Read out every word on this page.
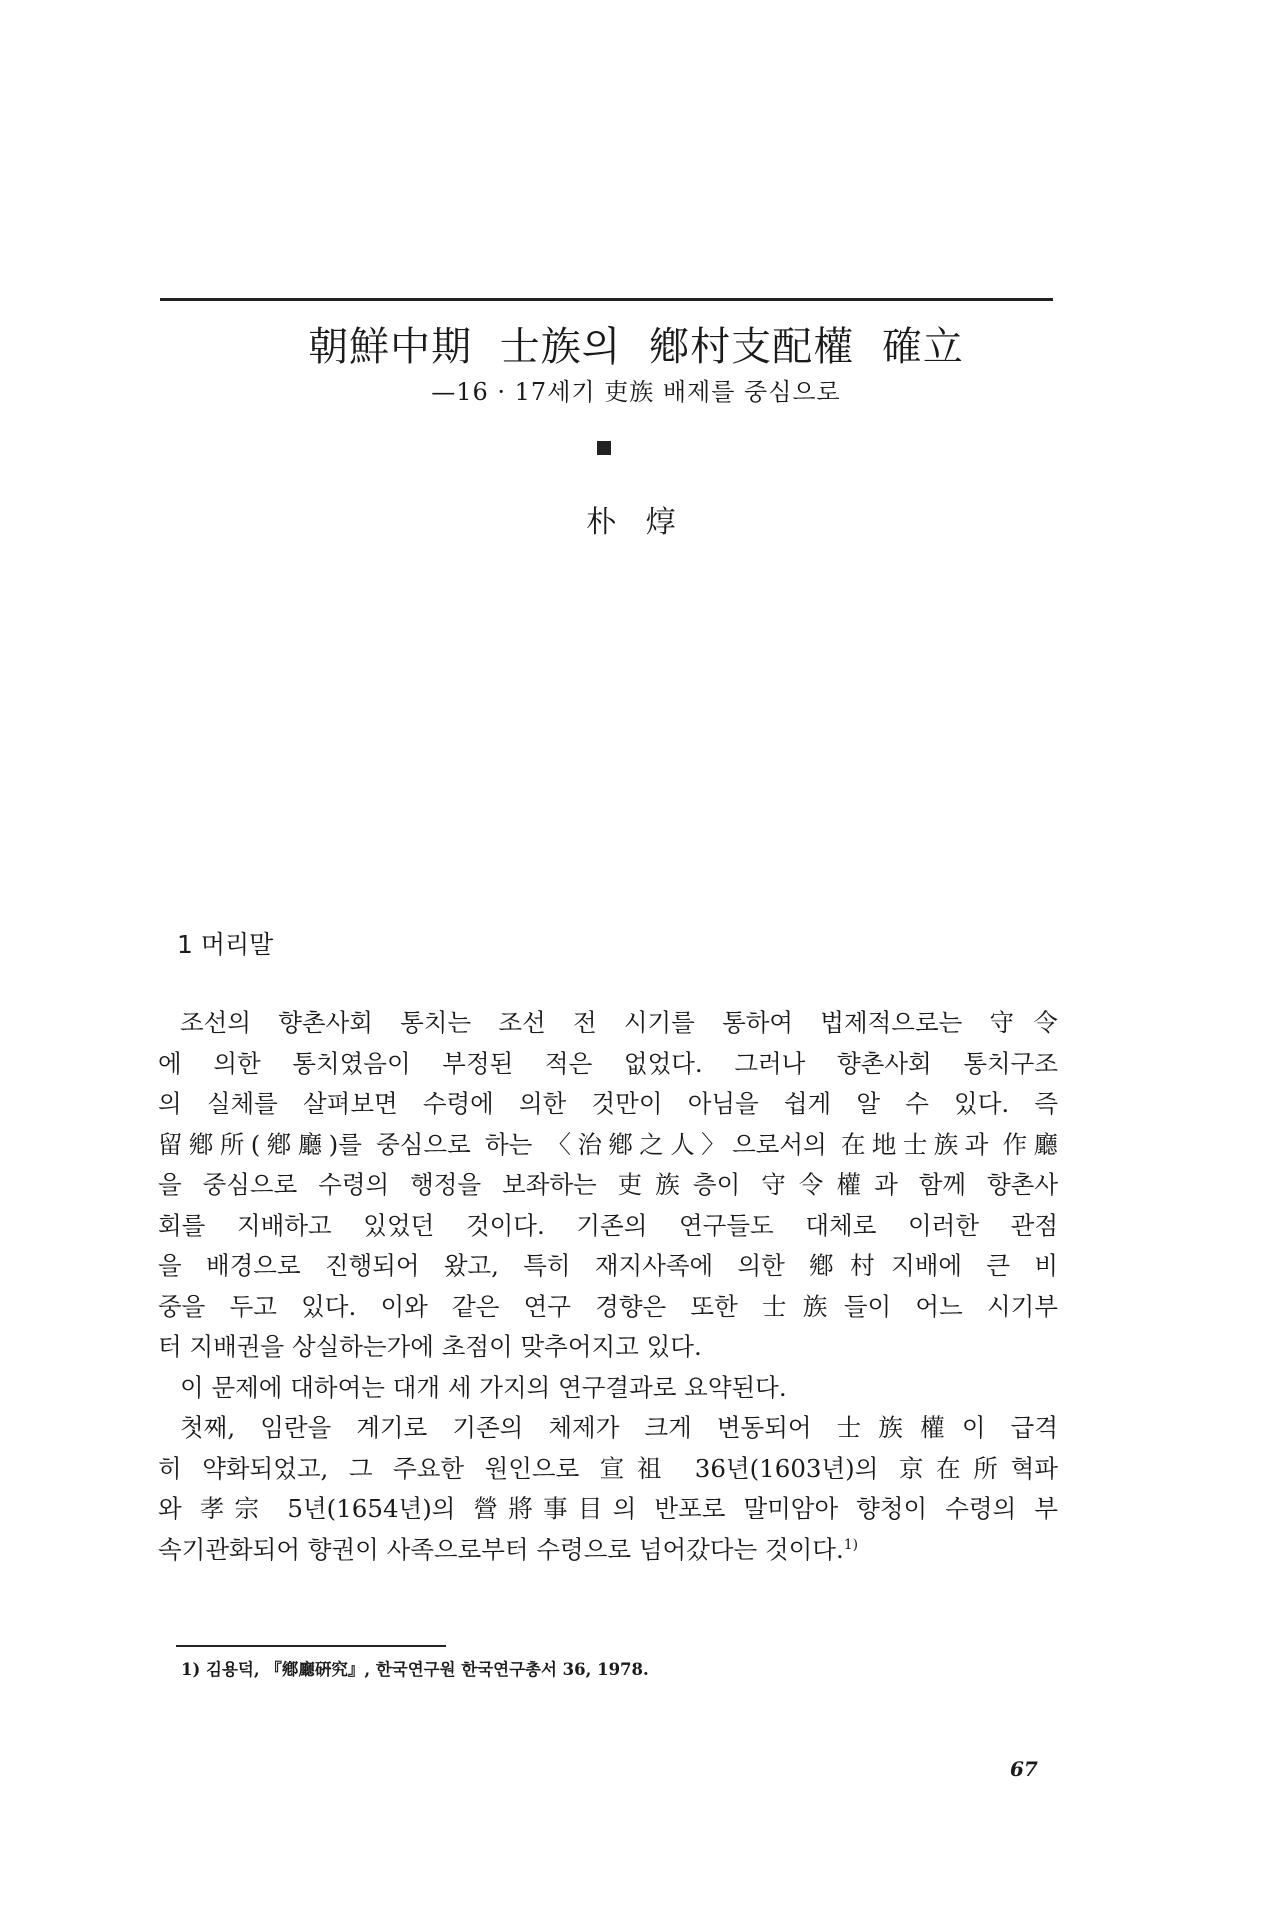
朝鮮中期 士族의 鄕村支配權 確立
—16 · 17세기 吏族 배제를 중심으로
朴 焞
1 머리말
조선의 향촌사회 통치는 조선 전 시기를 통하여 법제적으로는 守令
에 의한 통치였음이 부정된 적은 없었다. 그러나 향촌사회 통치구조
의 실체를 살펴보면 수령에 의한 것만이 아님을 쉽게 알 수 있다. 즉
留鄕所(鄕廳)를 중심으로 하는 〈治鄕之人〉으로서의 在地士族과 作廳
을 중심으로 수령의 행정을 보좌하는 吏族층이 守令權과 함께 향촌사
회를 지배하고 있었던 것이다. 기존의 연구들도 대체로 이러한 관점
을 배경으로 진행되어 왔고, 특히 재지사족에 의한 鄕村지배에 큰 비
중을 두고 있다. 이와 같은 연구 경향은 또한 士族들이 어느 시기부
터 지배권을 상실하는가에 초점이 맞추어지고 있다.
이 문제에 대하여는 대개 세 가지의 연구결과로 요약된다.
첫째, 임란을 계기로 기존의 체제가 크게 변동되어 士族權이 급격
히 약화되었고, 그 주요한 원인으로 宣祖 36년(1603년)의 京在所혁파
와 孝宗 5년(1654년)의 營將事目의 반포로 말미암아 향청이 수령의 부
속기관화되어 향권이 사족으로부터 수령으로 넘어갔다는 것이다.$^{1)}$
1) 김용덕, 『鄕廳硏究』, 한국연구원 한국연구총서 36, 1978.
67
